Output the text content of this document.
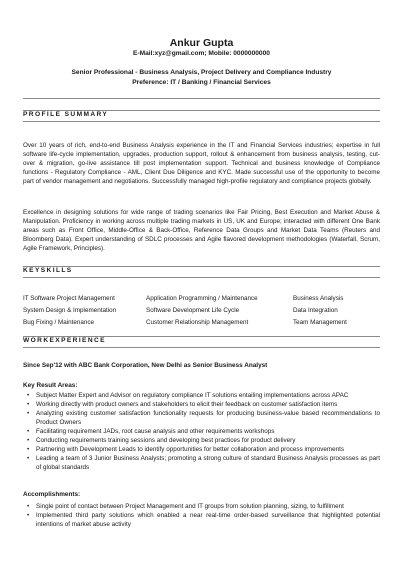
Ankur Gupta
E-Mail:xyz@gmail.com; Mobile: 0000000000
Senior Professional - Business Analysis, Project Delivery and Compliance Industry
Preference: IT / Banking / Financial Services
PROFILE SUMMARY
Over 10 years of rich, end-to-end Business Analysis experience in the IT and Financial Services industries; expertise in full software life-cycle implementation, upgrades, production support, rollout & enhancement from business analysis, testing, cut-over & migration, go-live assistance till post implementation support. Technical and business knowledge of Compliance functions - Regulatory Compliance - AML, Client Due Diligence and KYC. Made successful use of the opportunity to become part of vendor management and negotiations. Successfully managed high-profile regulatory and compliance projects globally.
Excellence in designing solutions for wide range of trading scenarios like Fair Pricing, Best Execution and Market Abuse & Manipulation. Proficiency in working across multiple trading markets in US, UK and Europe; interacted with different One Bank areas such as Front Office, Middle-Office & Back-Office, Reference Data Groups and Market Data Teams (Reuters and Bloomberg Data). Expert understanding of SDLC processes and Agile flavored development methodologies (Waterfall, Scrum, Agile Framework, Principles).
KEYSKILLS
IT Software Project Management
System Design & Implementation
Bug Fixing / Maintenance
Application Programming / Maintenance
Software Development Life Cycle
Customer Relationship Management
Business Analysis
Data Integration
Team Management
WORKEXPERIENCE
Since Sep'12 with ABC Bank Corporation, New Delhi as Senior Business Analyst
Key Result Areas:
• Subject Matter Expert and Advisor on regulatory compliance IT solutions entailing implementations across APAC
• Working directly with product owners and stakeholders to elicit their feedback on customer satisfaction items
• Analyzing existing customer satisfaction functionality requests for producing business-value based recommendations to Product Owners
• Facilitating requirement JADs, root cause analysis and other requirements workshops
• Conducting requirements training sessions and developing best practices for product delivery
• Partnering with Development Leads to identify opportunities for better collaboration and process improvements
• Leading a team of 3 Junior Business Analysts; promoting a strong culture of standard Business Analysis processes as part of global standards
Accomplishments:
• Single point of contact between Project Management and IT groups from solution planning, sizing, to fulfillment
• Implemented third party solutions which enabled a near real-time order-based surveillance that highlighted potential intentions of market abuse activity
